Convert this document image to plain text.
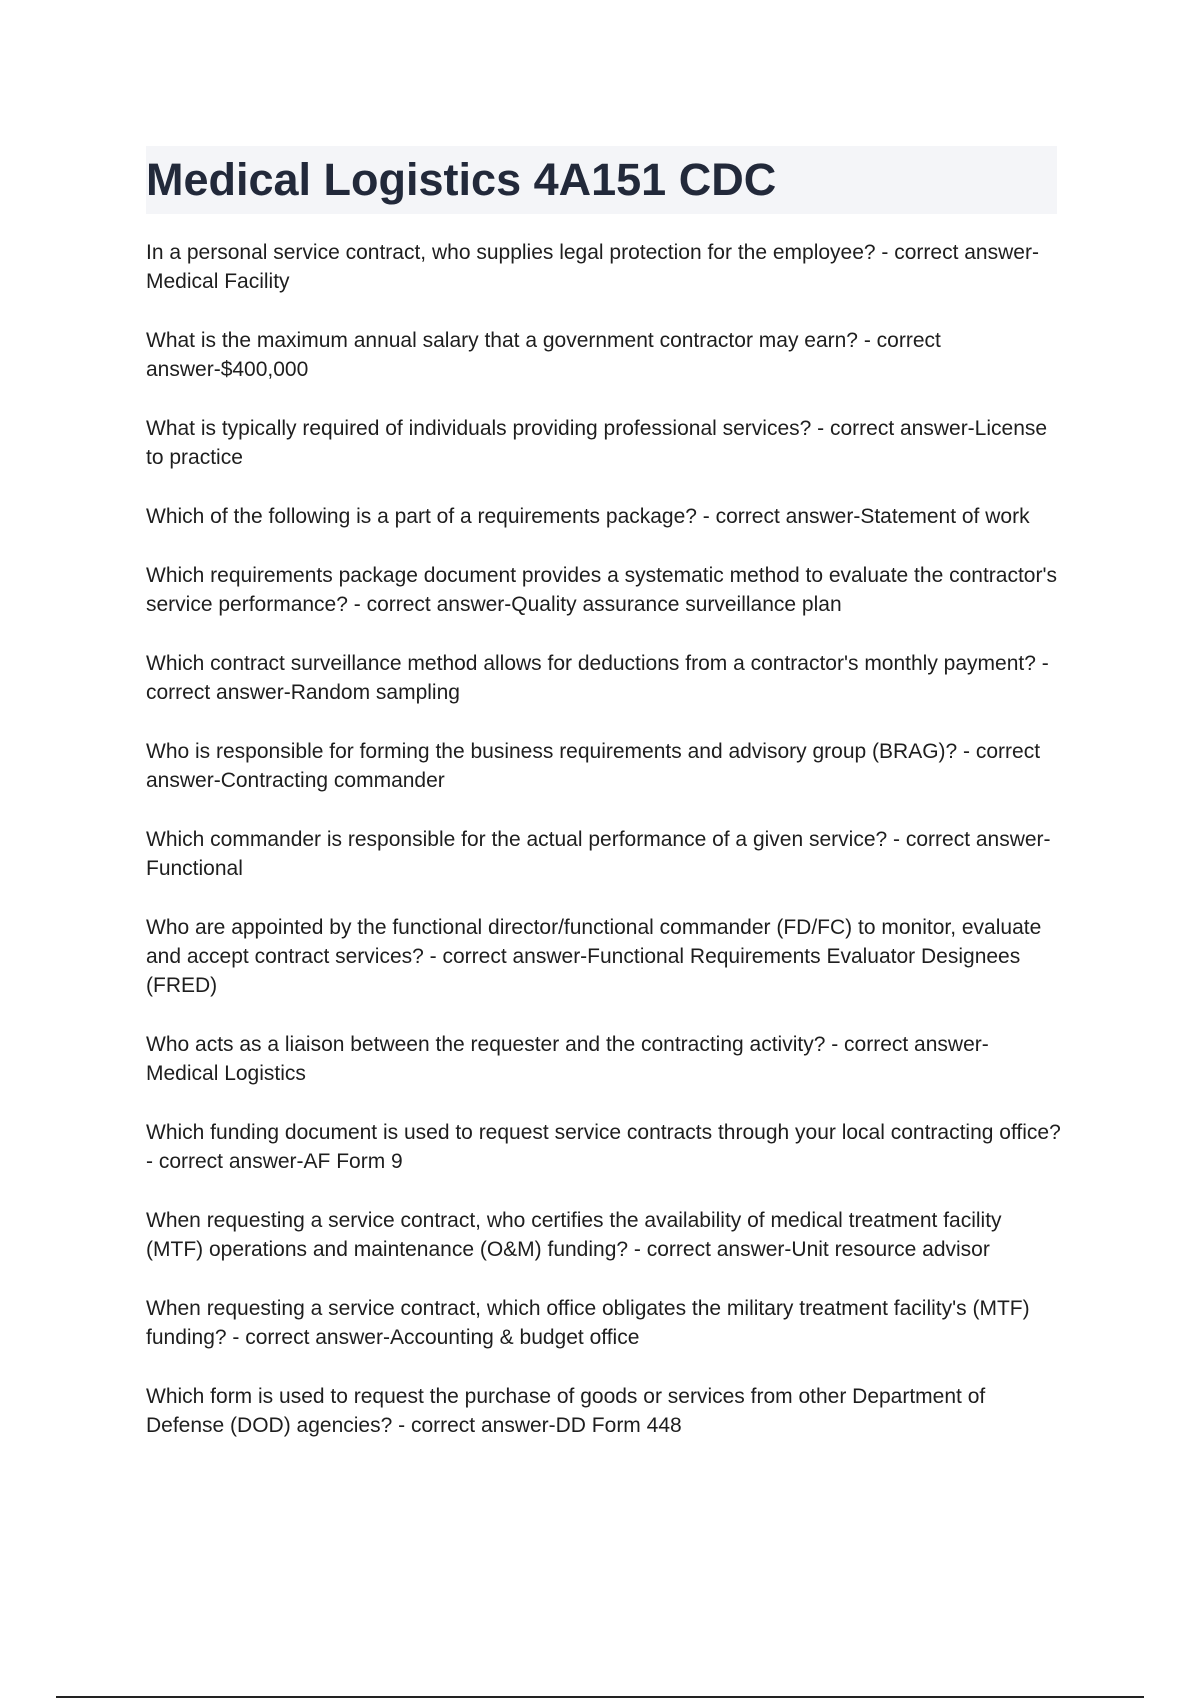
Medical Logistics 4A151 CDC
In a personal service contract, who supplies legal protection for the employee? - correct answer-Medical Facility
What is the maximum annual salary that a government contractor may earn? - correct answer-$400,000
What is typically required of individuals providing professional services? - correct answer-License to practice
Which of the following is a part of a requirements package? - correct answer-Statement of work
Which requirements package document provides a systematic method to evaluate the contractor's service performance? - correct answer-Quality assurance surveillance plan
Which contract surveillance method allows for deductions from a contractor's monthly payment? - correct answer-Random sampling
Who is responsible for forming the business requirements and advisory group (BRAG)? - correct answer-Contracting commander
Which commander is responsible for the actual performance of a given service? - correct answer-Functional
Who are appointed by the functional director/functional commander (FD/FC) to monitor, evaluate and accept contract services? - correct answer-Functional Requirements Evaluator Designees (FRED)
Who acts as a liaison between the requester and the contracting activity? - correct answer-Medical Logistics
Which funding document is used to request service contracts through your local contracting office? - correct answer-AF Form 9
When requesting a service contract, who certifies the availability of medical treatment facility (MTF) operations and maintenance (O&M) funding? - correct answer-Unit resource advisor
When requesting a service contract, which office obligates the military treatment facility's (MTF) funding? - correct answer-Accounting & budget office
Which form is used to request the purchase of goods or services from other Department of Defense (DOD) agencies? - correct answer-DD Form 448
